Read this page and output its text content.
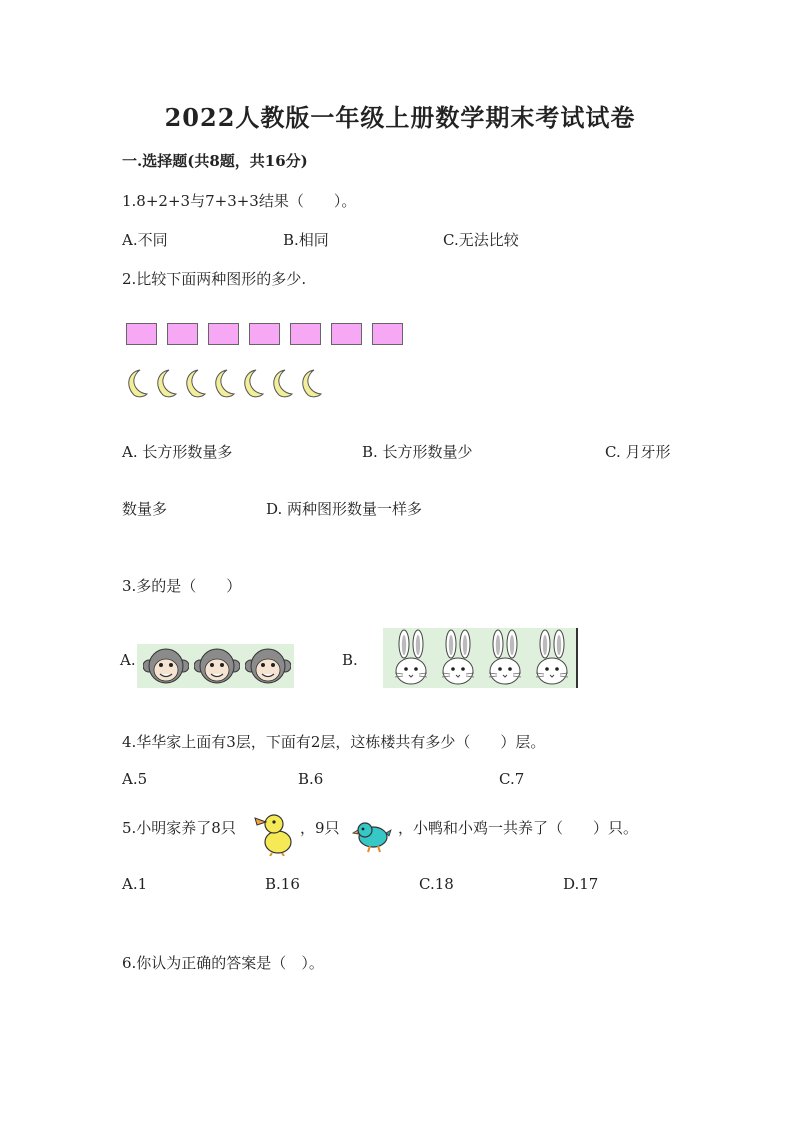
2022人教版一年级上册数学期末考试试卷
一.选择题(共8题，共16分)
1.8+2+3与7+3+3结果（　　）。
A.不同	B.相同	C.无法比较
2.比较下面两种图形的多少.
A. 长方形数量多	B. 长方形数量少	C. 月牙形
数量多	D. 两种图形数量一样多
3.多的是（　　）
A.	B.
4.华华家上面有3层，下面有2层，这栋楼共有多少（　　）层。
A.5	B.6	C.7
5.小明家养了8只	，9只	，小鸭和小鸡一共养了（　　）只。
A.1	B.16	C.18	D.17
6.你认为正确的答案是（　）。
